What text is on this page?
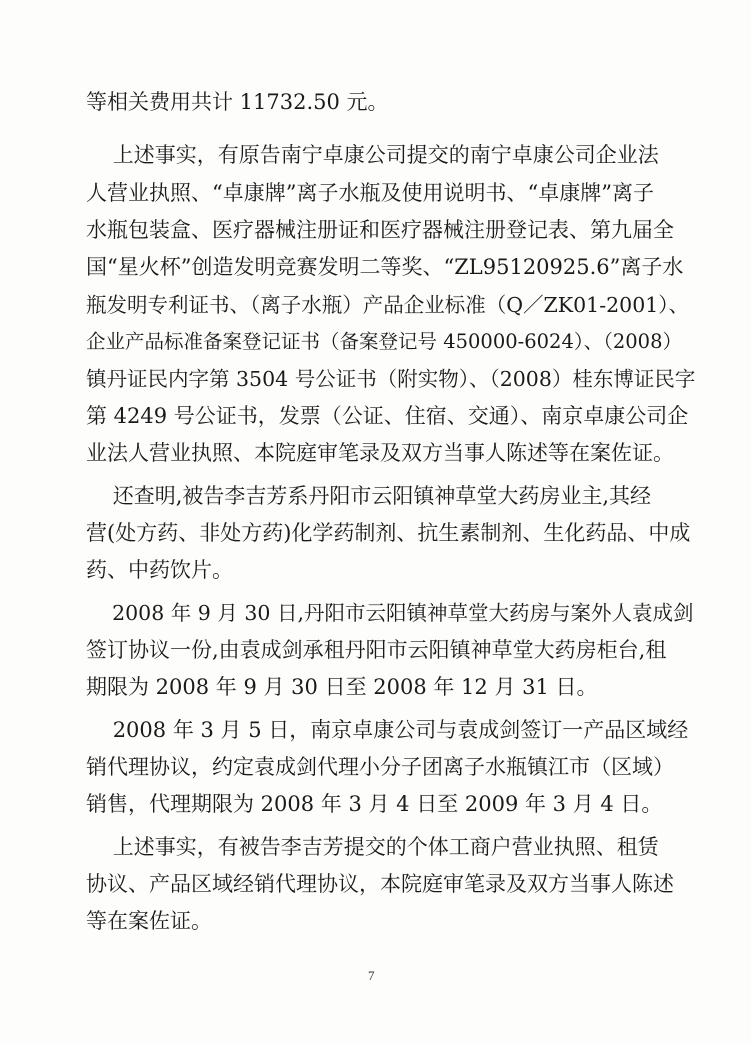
等相关费用共计 11732.50 元。
上述事实，有原告南宁卓康公司提交的南宁卓康公司企业法
人营业执照、“卓康牌”离子水瓶及使用说明书、“卓康牌”离子
水瓶包装盒、医疗器械注册证和医疗器械注册登记表、第九届全
国“星火杯”创造发明竞赛发明二等奖、“ZL95120925.6”离子水
瓶发明专利证书、（离子水瓶）产品企业标准（Q／ZK01-2001）、
企业产品标准备案登记证书（备案登记号 450000-6024）、（2008）
镇丹证民内字第 3504 号公证书（附实物）、（2008）桂东博证民字
第 4249 号公证书，发票（公证、住宿、交通）、南京卓康公司企
业法人营业执照、本院庭审笔录及双方当事人陈述等在案佐证。
还查明,被告李吉芳系丹阳市云阳镇神草堂大药房业主,其经
营(处方药、非处方药)化学药制剂、抗生素制剂、生化药品、中成
药、中药饮片。
2008 年 9 月 30 日,丹阳市云阳镇神草堂大药房与案外人袁成剑
签订协议一份,由袁成剑承租丹阳市云阳镇神草堂大药房柜台,租
期限为 2008 年 9 月 30 日至 2008 年 12 月 31 日。
2008 年 3 月 5 日，南京卓康公司与袁成剑签订一产品区域经
销代理协议，约定袁成剑代理小分子团离子水瓶镇江市（区域）
销售，代理期限为 2008 年 3 月 4 日至 2009 年 3 月 4 日。
上述事实，有被告李吉芳提交的个体工商户营业执照、租赁
协议、产品区域经销代理协议，本院庭审笔录及双方当事人陈述
等在案佐证。
7
